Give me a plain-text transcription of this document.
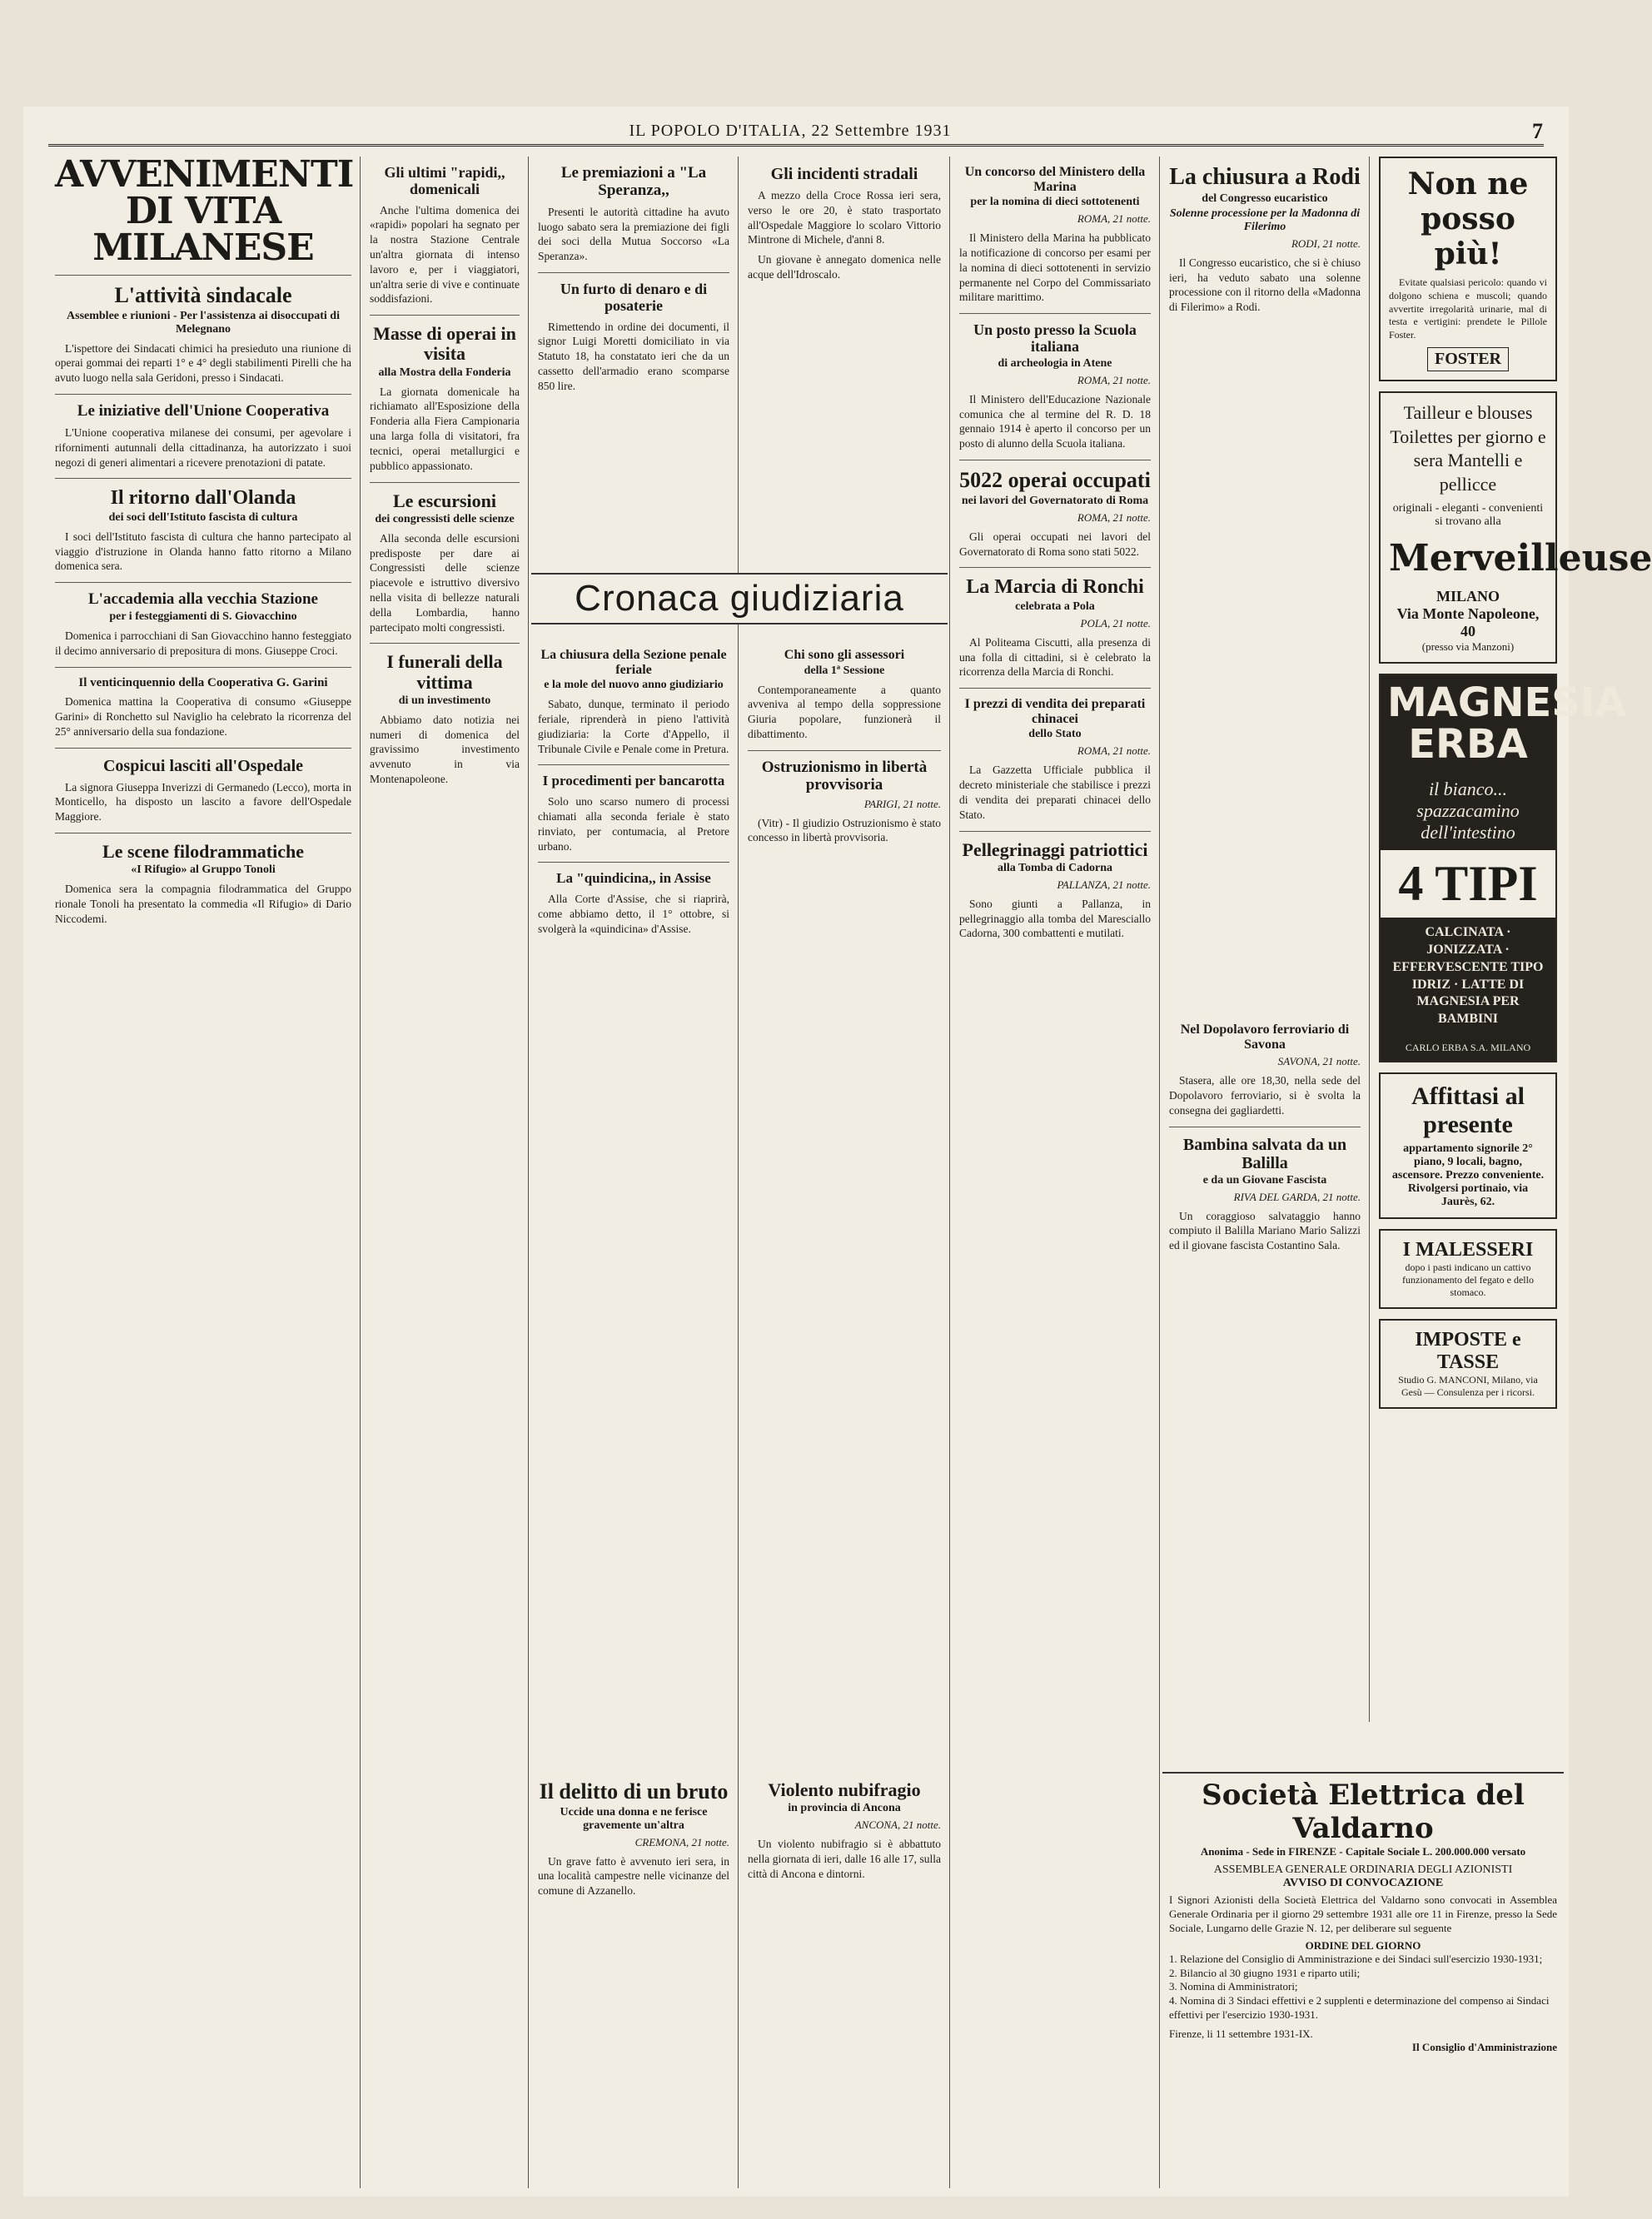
IL POPOLO D'ITALIA, 22 Settembre 1931	7
AVVENIMENTI DI VITA MILANESE
L'attività sindacale
Assemblee e riunioni - Per l'assistenza ai disoccupati di Melegnano

L'ispettore dei Sindacati chimici ha presieduto una riunione di operai gommai dei reparti 1° e 4° degli stabilimenti Pirelli che ha avuto luogo nella sala Geridoni, presso i Sindacati.

Le iniziative dell'Unione Cooperativa

L'Unione cooperativa milanese dei consumi, per agevolare i rifornimenti autunnali della cittadinanza, ha autorizzato i suoi negozi di generi alimentari a ricevere prenotazioni di patate.

Il ritorno dall'Olanda
dei soci dell'Istituto fascista di cultura

I soci dell'Istituto fascista di cultura che hanno partecipato al viaggio d'istruzione in Olanda hanno fatto ritorno a Milano domenica sera.

L'accademia alla vecchia Stazione
per i festeggiamenti di S. Giovacchino

Domenica i parrocchiani di San Giovacchino hanno festeggiato il decimo anniversario di prepositura di mons. Giuseppe Croci.

Il venticinquennio della Cooperativa G. Garini

Domenica mattina la Cooperativa di consumo «Giuseppe Garini» di Ronchetto sul Naviglio ha celebrato la ricorrenza del 25° anniversario della sua fondazione.

Cospicui lasciti all'Ospedale

La signora Giuseppa Inverizzi di Germanedo (Lecco), morta in Monticello, ha disposto un lascito a favore dell'Ospedale Maggiore.

Le scene filodrammatiche
«I Rifugio» al Gruppo Tonoli

Domenica sera la compagnia filodrammatica del Gruppo rionale Tonoli ha presentato la commedia «Il Rifugio» di Dario Niccodemi.

Gli ultimi "rapidi,, domenicali

Anche l'ultima domenica dei «rapidi» popolari ha segnato per la nostra Stazione Centrale un'altra giornata di intenso lavoro e, per i viaggiatori, un'altra serie di vive e continuate soddisfazioni.

Masse di operai in visita
alla Mostra della Fonderia

La giornata domenicale ha richiamato all'Esposizione della Fonderia alla Fiera Campionaria una larga folla di visitatori, fra tecnici, operai metallurgici e pubblico appassionato.

Le escursioni
dei congressisti delle scienze

Alla seconda delle escursioni predisposte per dare ai Congressisti delle scienze piacevole e istruttivo diversivo nella visita di bellezze naturali della Lombardia, hanno partecipato molti congressisti.

I funerali della vittima
di un investimento

Abbiamo dato notizia nei numeri di domenica del gravissimo investimento avvenuto in via Montenapoleone.

Le premiazioni a "La Speranza,,

Presenti le autorità cittadine ha avuto luogo sabato sera la premiazione dei figli dei soci della Mutua Soccorso «La Speranza».

Un furto di denaro e di posaterie

Rimettendo in ordine dei documenti, il signor Luigi Moretti domiciliato in via Statuto 18, ha constatato ieri che da un cassetto dell'armadio erano scomparse 850 lire.

Cronaca giudiziaria
La chiusura della Sezione penale feriale
e la mole del nuovo anno giudiziario

Sabato, dunque, terminato il periodo feriale, riprenderà in pieno l'attività giudiziaria: la Corte d'Appello, il Tribunale Civile e Penale come in Pretura.

I procedimenti per bancarotta

Solo uno scarso numero di processi chiamati alla seconda feriale è stato rinviato, per contumacia, al Pretore urbano.

La "quindicina,, in Assise

Alla Corte d'Assise, che si riaprirà, come abbiamo detto, il 1° ottobre, si svolgerà la «quindicina» d'Assise.

Il delitto di un bruto
Uccide una donna e ne ferisce gravemente un'altra
CREMONA, 21 notte.

Un grave fatto è avvenuto ieri sera, in una località campestre nelle vicinanze del comune di Azzanello.

Gli incidenti stradali

A mezzo della Croce Rossa ieri sera, verso le ore 20, è stato trasportato all'Ospedale Maggiore lo scolaro Vittorio Mintrone di Michele, d'anni 8.

Un giovane è annegato domenica nelle acque dell'Idroscalo.

Chi sono gli assessori
della 1ª Sessione

Contemporaneamente a quanto avveniva al tempo della soppressione Giuria popolare, funzionerà il dibattimento.

Ostruzionismo in libertà provvisoria
PARIGI, 21 notte.

(Vitr) - Il giudizio Ostruzionismo è stato concesso in libertà provvisoria.

Violento nubifragio
in provincia di Ancona
ANCONA, 21 notte.

Un violento nubifragio si è abbattuto nella giornata di ieri, dalle 16 alle 17, sulla città di Ancona e dintorni.

Un concorso del Ministero della Marina
per la nomina di dieci sottotenenti
ROMA, 21 notte.

Il Ministero della Marina ha pubblicato la notificazione di concorso per esami per la nomina di dieci sottotenenti in servizio permanente nel Corpo del Commissariato militare marittimo.

Un posto presso la Scuola italiana
di archeologia in Atene
ROMA, 21 notte.

Il Ministero dell'Educazione Nazionale comunica che al termine del R. D. 18 gennaio 1914 è aperto il concorso per un posto di alunno della Scuola italiana.

5022 operai occupati
nei lavori del Governatorato di Roma
ROMA, 21 notte.

Gli operai occupati nei lavori del Governatorato di Roma sono stati 5022.

La Marcia di Ronchi
celebrata a Pola
POLA, 21 notte.

Al Politeama Ciscutti, alla presenza di una folla di cittadini, si è celebrato la ricorrenza della Marcia di Ronchi.

I prezzi di vendita dei preparati chinacei
dello Stato
ROMA, 21 notte.

La Gazzetta Ufficiale pubblica il decreto ministeriale che stabilisce i prezzi di vendita dei preparati chinacei dello Stato.

Pellegrinaggi patriottici
alla Tomba di Cadorna
PALLANZA, 21 notte.

Sono giunti a Pallanza, in pellegrinaggio alla tomba del Maresciallo Cadorna, 300 combattenti e mutilati.

La chiusura a Rodi
del Congresso eucaristico
Solenne processione per la Madonna di Filerimo
RODI, 21 notte.

Il Congresso eucaristico, che si è chiuso ieri, ha veduto sabato una solenne processione con il ritorno della «Madonna di Filerimo» a Rodi.

Nel Dopolavoro ferroviario di Savona
SAVONA, 21 notte.

Stasera, alle ore 18,30, nella sede del Dopolavoro ferroviario, si è svolta la consegna dei gagliardetti.

Bambina salvata da un Balilla
e da un Giovane Fascista
RIVA DEL GARDA, 21 notte.

Un coraggioso salvataggio hanno compiuto il Balilla Mariano Mario Salizzi ed il giovane fascista Costantino Sala.

Non ne posso più!

Evitate qualsiasi pericolo: quando vi dolgono schiena e muscoli; quando avvertite irregolarità urinarie, mal di testa e vertigini: prendete le Pillole Foster.

FOSTER
Tailleur e blouses Toilettes per giorno e sera Mantelli e pellicce
originali - eleganti - convenienti si trovano alla
Merveilleuse
MILANO
Via Monte Napoleone, 40
(presso via Manzoni)
MAGNESIA ERBA
il bianco... spazzacamino dell'intestino
4 TIPI
CALCINATA · JONIZZATA · EFFERVESCENTE TIPO IDRIZ · LATTE DI MAGNESIA PER BAMBINI
CARLO ERBA S.A. MILANO
Affittasi al presente
appartamento signorile 2° piano, 9 locali, bagno, ascensore. Prezzo conveniente. Rivolgersi portinaio, via Jaurès, 62.
I MALESSERI
dopo i pasti indicano un cattivo funzionamento del fegato e dello stomaco.
IMPOSTE e TASSE
Studio G. MANCONI, Milano, via Gesù — Consulenza per i ricorsi.
Società Elettrica del Valdarno
Anonima - Sede in FIRENZE - Capitale Sociale L. 200.000.000 versato
ASSEMBLEA GENERALE ORDINARIA DEGLI AZIONISTI
AVVISO DI CONVOCAZIONE

I Signori Azionisti della Società Elettrica del Valdarno sono convocati in Assemblea Generale Ordinaria per il giorno 29 settembre 1931 alle ore 11 in Firenze, presso la Sede Sociale, Lungarno delle Grazie N. 12, per deliberare sul seguente

ORDINE DEL GIORNO
1. Relazione del Consiglio di Amministrazione e dei Sindaci sull'esercizio 1930-1931;
2. Bilancio al 30 giugno 1931 e riparto utili;
3. Nomina di Amministratori;
4. Nomina di 3 Sindaci effettivi e 2 supplenti e determinazione del compenso ai Sindaci effettivi per l'esercizio 1930-1931.
Firenze, li 11 settembre 1931-IX.
Il Consiglio d'Amministrazione
